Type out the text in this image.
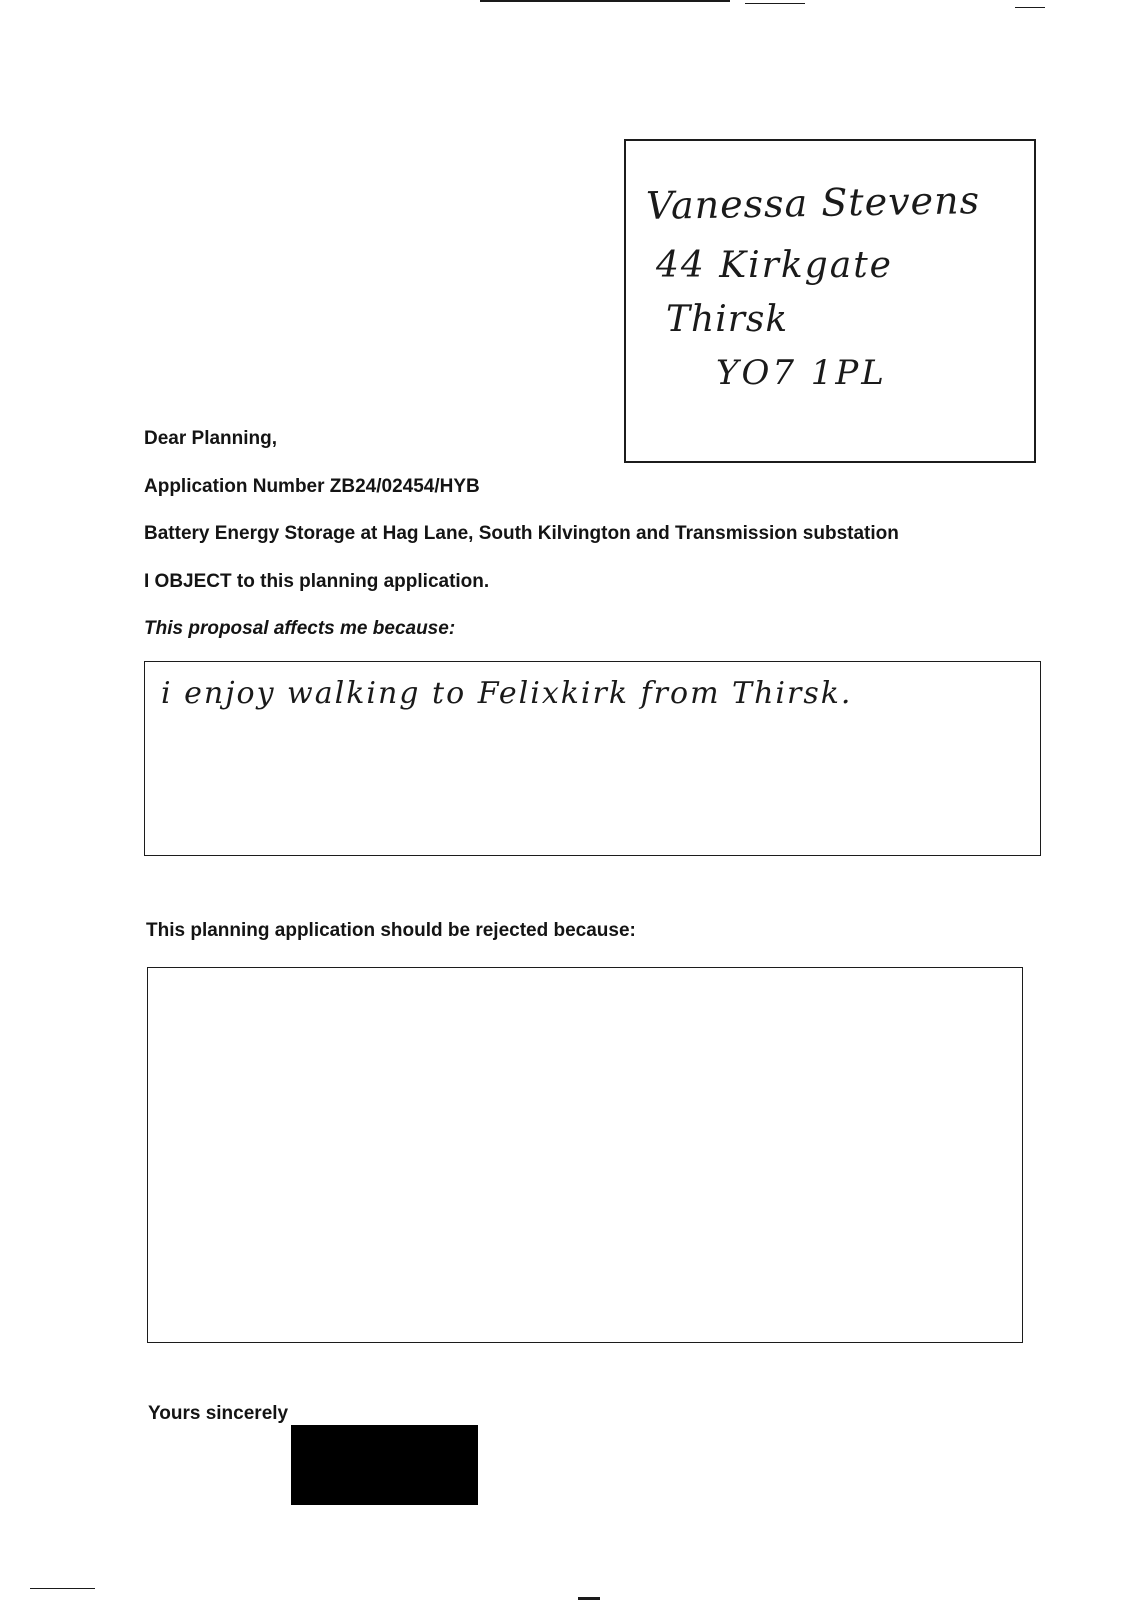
Vanessa Stevens
44 Kirkgate
Thirsk
YO7 1PL
Dear Planning,
Application Number ZB24/02454/HYB
Battery Energy Storage at Hag Lane, South Kilvington and Transmission substation
I OBJECT to this planning application.
This proposal affects me because:
i enjoy walking to Felixkirk from Thirsk.
This planning application should be rejected because:
Yours sincerely
